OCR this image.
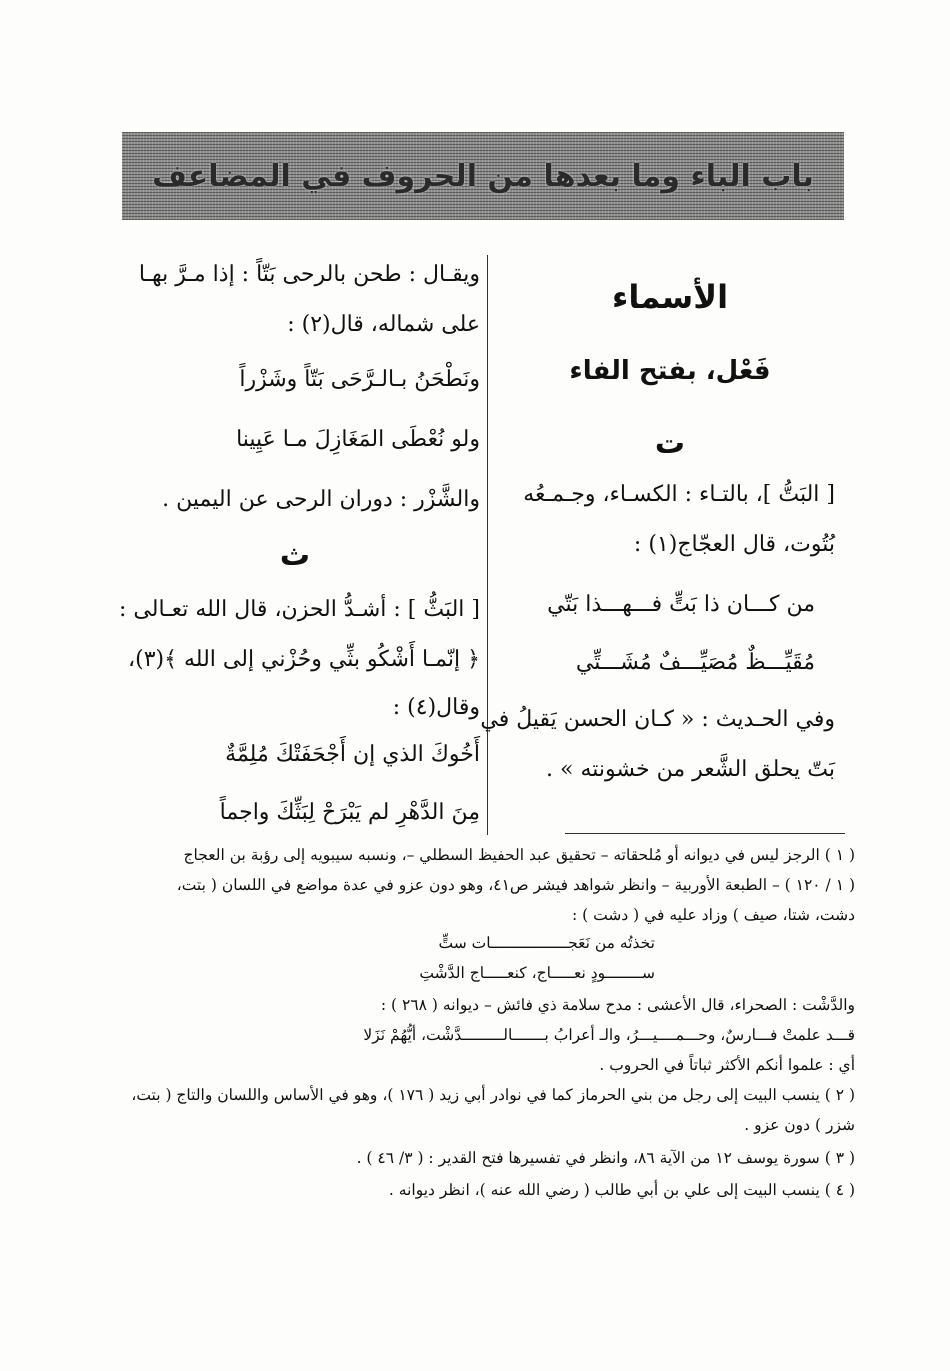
باب الباء وما بعدها من الحروف في المضاعف
الأسماء
فَعْل، بفتح الفاء
ت
[ البَتُّ ]، بالتـاء : الكسـاء، وجـمـعُه
بُتُوت، قال العجّاج(١) :
من كـــان ذا بَتٍّ فـــهـــذا بَتّي
مُقَيِّـــظٌ مُصَيِّـــفٌ مُشَـــتِّي
وفي الحـديث : « كـان الحسن يَقيلُ في
بَتّ يحلق الشَّعر من خشونته » .
ويقـال : طحن بالرحى بَتّاً : إذا مـرَّ بهـا
على شماله، قال(٢) :
ونَطْحَنُ بـالـرَّحَى بَتّاً وشَزْراً
ولو نُعْطَى المَغَازِلَ مـا عَيِينا
والشَّزْر : دوران الرحى عن اليمين .
ث
[ البَثُّ ] : أشـدُّ الحزن، قال الله تعـالى :
﴿ إنّمـا أَشْكُو بثِّي وحُزْني إلى الله ﴾(٣)،
وقال(٤) :
أَخُوكَ الذي إن أَجْحَفَتْكَ مُلِمَّةٌ
مِنَ الدَّهْرِ لم يَبْرَحْ لِبَثِّكَ واجماً
( ١ ) الرجز ليس في ديوانه أو مُلحقاته – تحقيق عبد الحفيظ السطلي –، ونسبه سيبويه إلى رؤبة بن العجاج
( ١ / ١٢٠ ) – الطبعة الأوربية – وانظر شواهد فيشر ص٤١، وهو دون عزو في عدة مواضع في اللسان ( بتت،
دشت، شتا، صيف ) وزاد عليه في ( دشت ) :
تخذتُه من نَعَجـــــــــــــــــات ستٍّ
ســــــــودٍ نعـــــاج، كنعـــــاج الدَّشْتِ
والدَّشْت : الصحراء، قال الأعشى : مدح سلامة ذي فائش – ديوانه ( ٢٦٨ ) :
قـــد علمتْ فـــارسٌ، وحـــمــــيـــرُ، والـ أعرابُ بـــــــالـــــــــدَّشْت، أيُّهُمْ نَزَلا
أي : علموا أنكم الأكثر ثباتاً في الحروب .
( ٢ ) ينسب البيت إلى رجل من بني الحرماز كما في نوادر أبي زيد ( ١٧٦ )، وهو في الأساس واللسان والتاج ( بتت،
شزر ) دون عزو .
( ٣ ) سورة يوسف ١٢ من الآية ٨٦، وانظر في تفسيرها فتح القدير : ( ٣/ ٤٦ ) .
( ٤ ) ينسب البيت إلى علي بن أبي طالب ( رضي الله عنه )، انظر ديوانه .
